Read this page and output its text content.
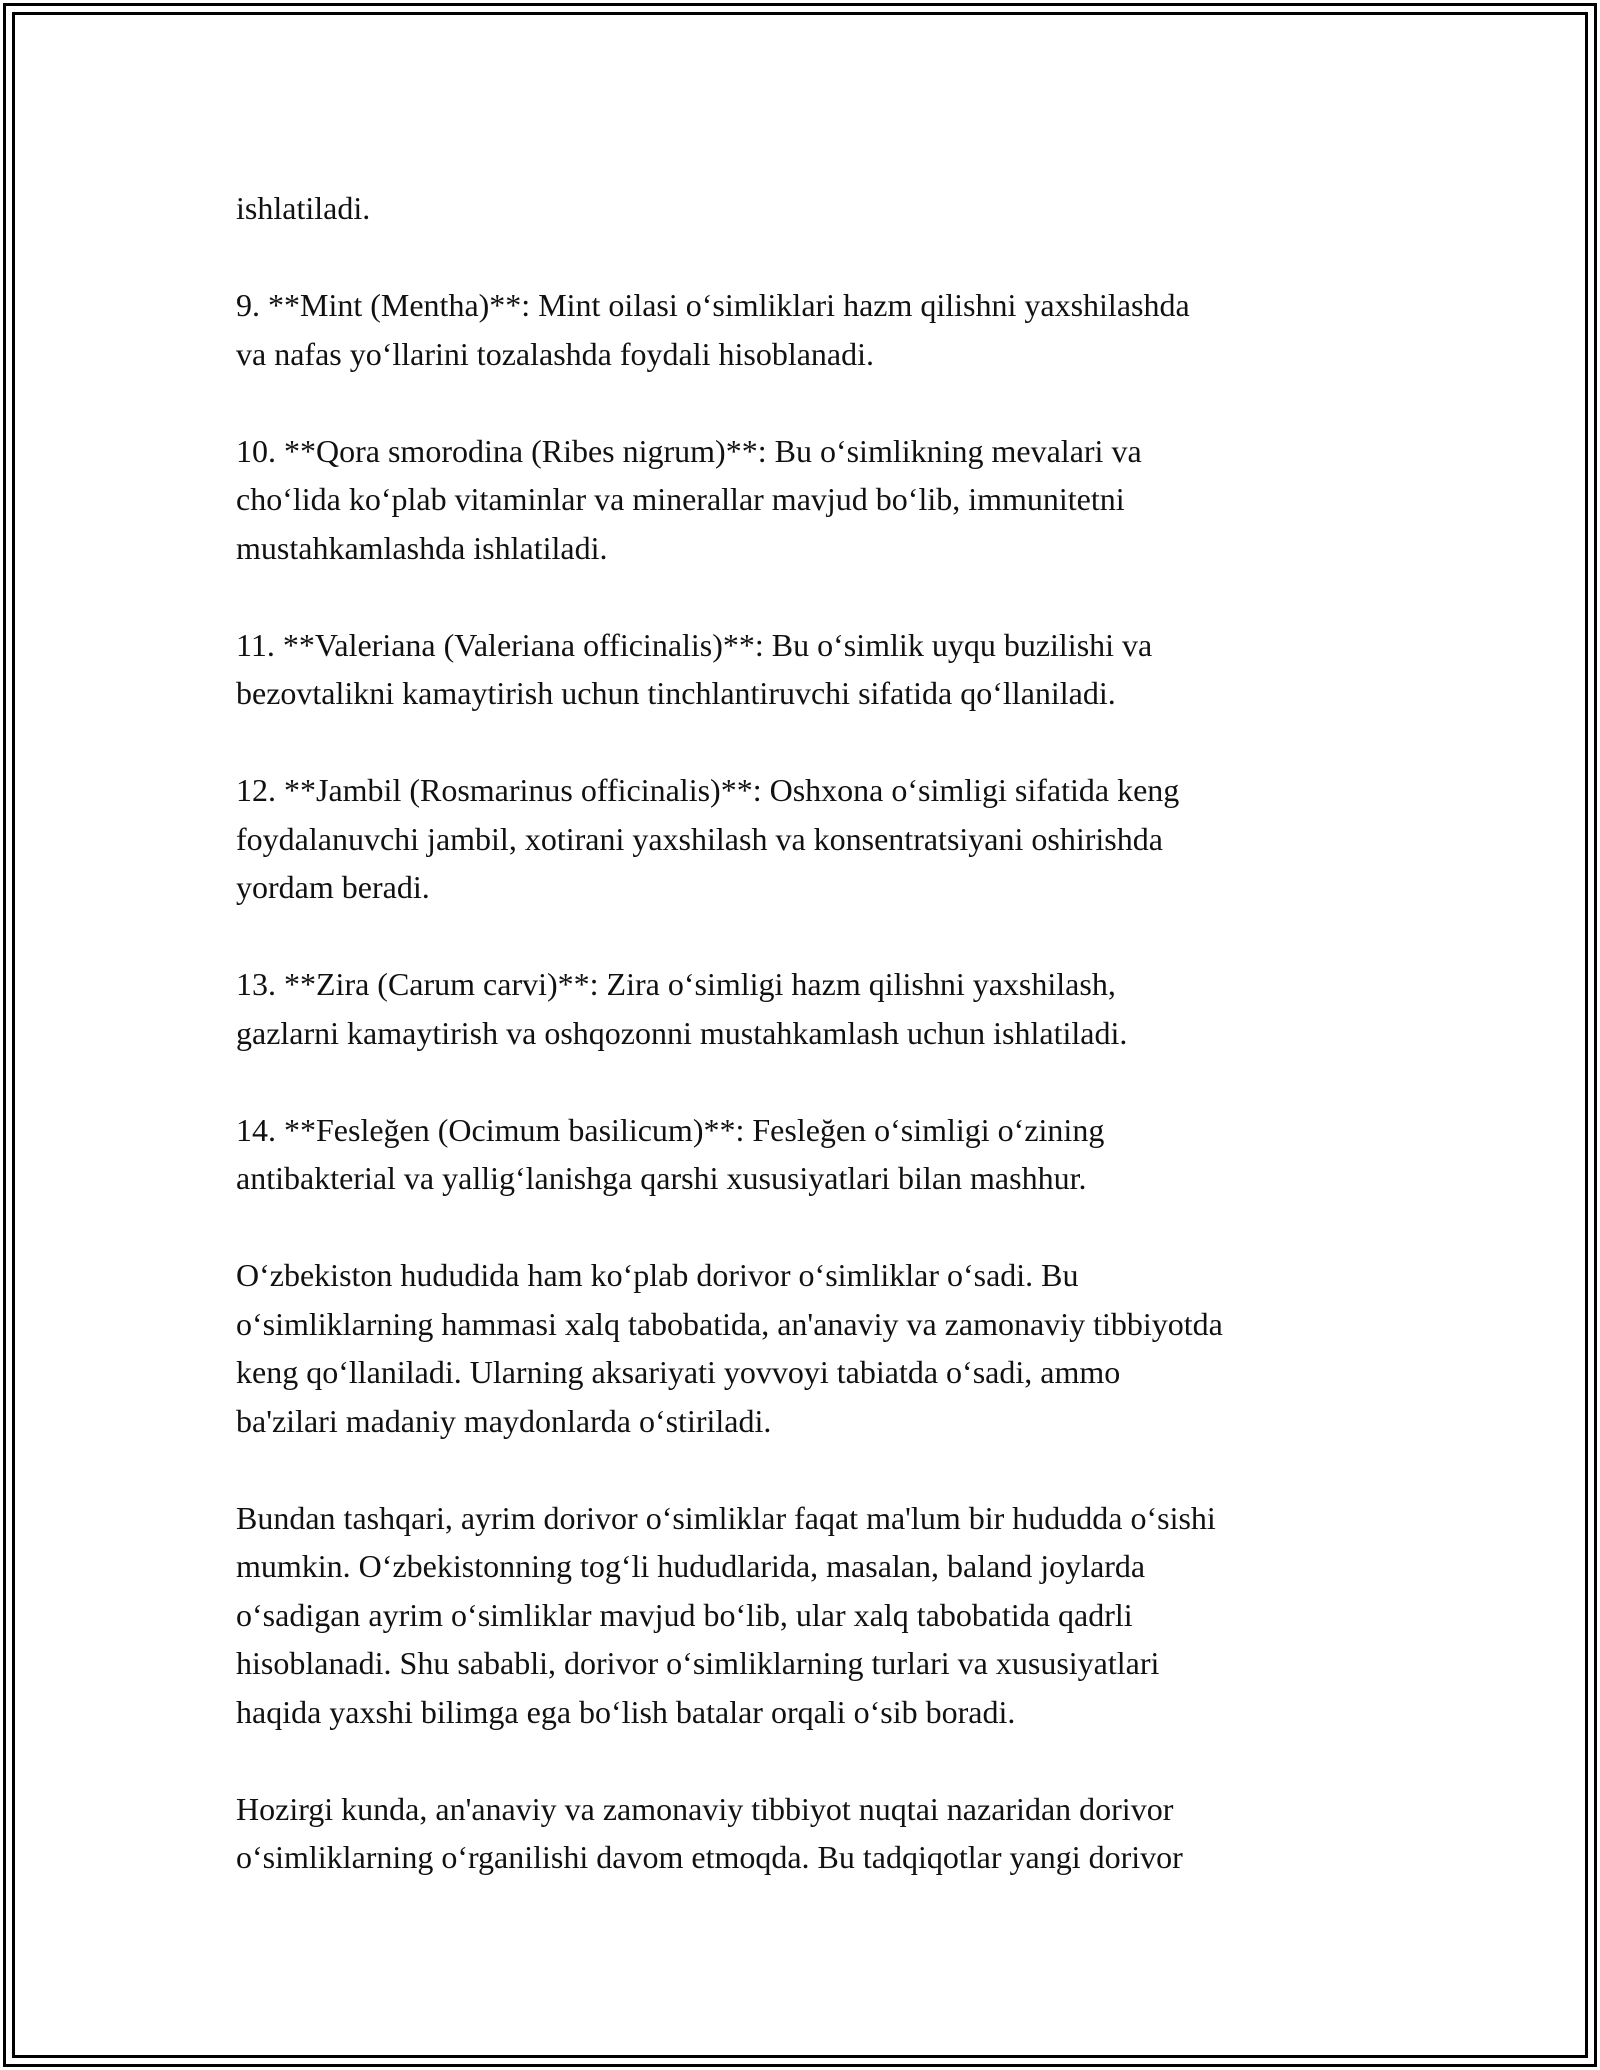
ishlatiladi.

9. **Mint (Mentha)**: Mint oilasi o‘simliklari hazm qilishni yaxshilashda
va nafas yo‘llarini tozalashda foydali hisoblanadi.

10. **Qora smorodina (Ribes nigrum)**: Bu o‘simlikning mevalari va
cho‘lida ko‘plab vitaminlar va minerallar mavjud bo‘lib, immunitetni
mustahkamlashda ishlatiladi.

11. **Valeriana (Valeriana officinalis)**: Bu o‘simlik uyqu buzilishi va
bezovtalikni kamaytirish uchun tinchlantiruvchi sifatida qo‘llaniladi.

12. **Jambil (Rosmarinus officinalis)**: Oshxona o‘simligi sifatida keng
foydalanuvchi jambil, xotirani yaxshilash va konsentratsiyani oshirishda
yordam beradi.

13. **Zira (Carum carvi)**: Zira o‘simligi hazm qilishni yaxshilash,
gazlarni kamaytirish va oshqozonni mustahkamlash uchun ishlatiladi.

14. **Fesleğen (Ocimum basilicum)**: Fesleğen o‘simligi o‘zining
antibakterial va yallig‘lanishga qarshi xususiyatlari bilan mashhur.

O‘zbekiston hududida ham ko‘plab dorivor o‘simliklar o‘sadi. Bu
o‘simliklarning hammasi xalq tabobatida, an'anaviy va zamonaviy tibbiyotda
keng qo‘llaniladi. Ularning aksariyati yovvoyi tabiatda o‘sadi, ammo
ba'zilari madaniy maydonlarda o‘stiriladi.

Bundan tashqari, ayrim dorivor o‘simliklar faqat ma'lum bir hududda o‘sishi
mumkin. O‘zbekistonning tog‘li hududlarida, masalan, baland joylarda
o‘sadigan ayrim o‘simliklar mavjud bo‘lib, ular xalq tabobatida qadrli
hisoblanadi. Shu sababli, dorivor o‘simliklarning turlari va xususiyatlari
haqida yaxshi bilimga ega bo‘lish batalar orqali o‘sib boradi.

Hozirgi kunda, an'anaviy va zamonaviy tibbiyot nuqtai nazaridan dorivor
o‘simliklarning o‘rganilishi davom etmoqda. Bu tadqiqotlar yangi dorivor
